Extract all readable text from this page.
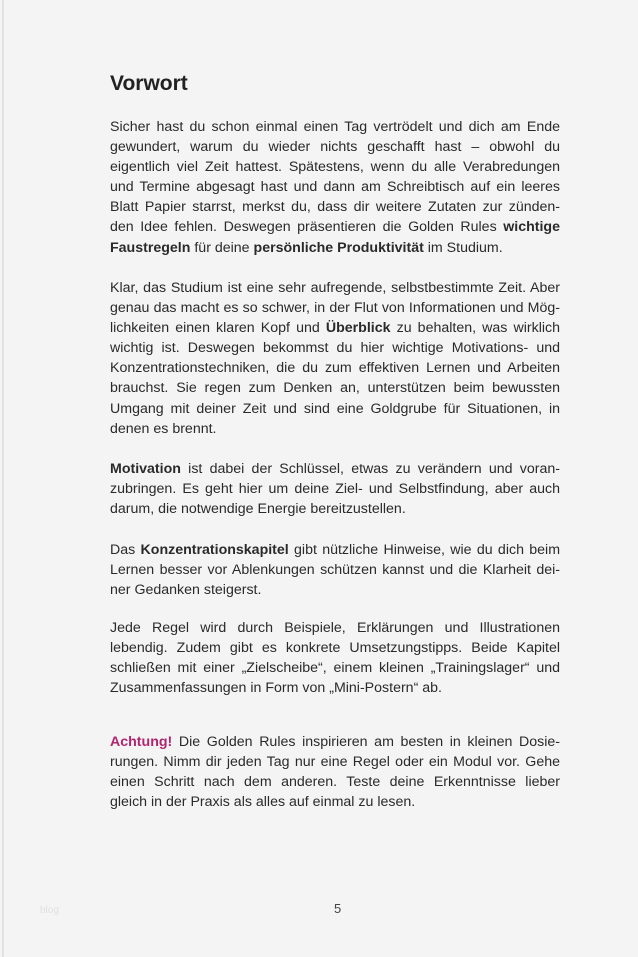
blog
Vorwort
Sicher hast du schon einmal einen Tag vertrödelt und dich am Ende
gewundert, warum du wieder nichts geschafft hast – obwohl du
eigentlich viel Zeit hattest. Spätestens, wenn du alle Verabredungen
und Termine abgesagt hast und dann am Schreibtisch auf ein leeres
Blatt Papier starrst, merkst du, dass dir weitere Zutaten zur zünden-
den Idee fehlen. Deswegen präsentieren die Golden Rules wichtige
Faustregeln für deine persönliche Produktivität im Studium.
Klar, das Studium ist eine sehr aufregende, selbstbestimmte Zeit. Aber
genau das macht es so schwer, in der Flut von Informationen und Mög-
lichkeiten einen klaren Kopf und Überblick zu behalten, was wirklich
wichtig ist. Deswegen bekommst du hier wichtige Motivations- und
Konzentrationstechniken, die du zum effektiven Lernen und Arbeiten
brauchst. Sie regen zum Denken an, unterstützen beim bewussten
Umgang mit deiner Zeit und sind eine Goldgrube für Situationen, in
denen es brennt.
Motivation ist dabei der Schlüssel, etwas zu verändern und voran-
zubringen. Es geht hier um deine Ziel- und Selbstfindung, aber auch
darum, die notwendige Energie bereitzustellen.
Das Konzentrationskapitel gibt nützliche Hinweise, wie du dich beim
Lernen besser vor Ablenkungen schützen kannst und die Klarheit dei-
ner Gedanken steigerst.
Jede Regel wird durch Beispiele, Erklärungen und Illustrationen
lebendig. Zudem gibt es konkrete Umsetzungstipps. Beide Kapitel
schließen mit einer „Zielscheibe“, einem kleinen „Trainingslager“ und
Zusammenfassungen in Form von „Mini-Postern“ ab.
Achtung! Die Golden Rules inspirieren am besten in kleinen Dosie-
rungen. Nimm dir jeden Tag nur eine Regel oder ein Modul vor. Gehe
einen Schritt nach dem anderen. Teste deine Erkenntnisse lieber
gleich in der Praxis als alles auf einmal zu lesen.
5
